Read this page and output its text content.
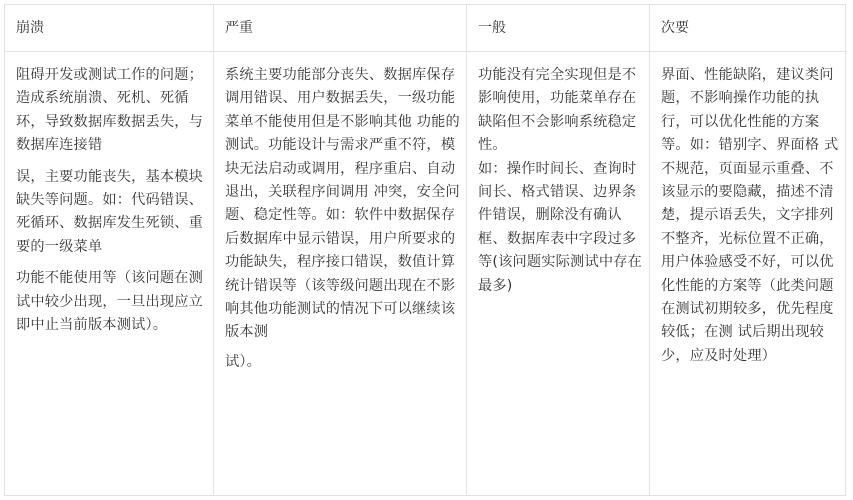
崩溃

阻碍开发或测试工作的问题；造成系统崩溃、死机、死循环，导致数据库数据丢失，与数据库连接错

误，主要功能丧失，基本模块缺失等问题。如：代码错误、死循环、数据库发生死锁、重要的一级菜单

功能不能使用等（该问题在测试中较少出现，一旦出现应立即中止当前版本测试）。

严重

系统主要功能部分丧失、数据库保存调用错误、用户数据丢失，一级功能菜单不能使用但是不影响其他 功能的测试。功能设计与需求严重不符，模块无法启动或调用，程序重启、自动退出，关联程序间调用 冲突，安全问题、稳定性等。如：软件中数据保存后数据库中显示错误，用户所要求的功能缺失，程序接口错误，数值计算统计错误等（该等级问题出现在不影响其他功能测试的情况下可以继续该版本测

试）。

一般

功能没有完全实现但是不影响使用，功能菜单存在缺陷但不会影响系统稳定性。

如：操作时间长、查询时间长、格式错误、边界条件错误，删除没有确认框、数据库表中字段过多等(该问题实际测试中存在最多)

次要

界面、性能缺陷，建议类问题，不影响操作功能的执行，可以优化性能的方案等。如：错别字、界面格 式不规范，页面显示重叠、不该显示的要隐藏，描述不清楚，提示语丢失，文字排列不整齐，光标位置不正确，用户体验感受不好，可以优化性能的方案等（此类问题在测试初期较多，优先程度较低；在测 试后期出现较少，应及时处理）
